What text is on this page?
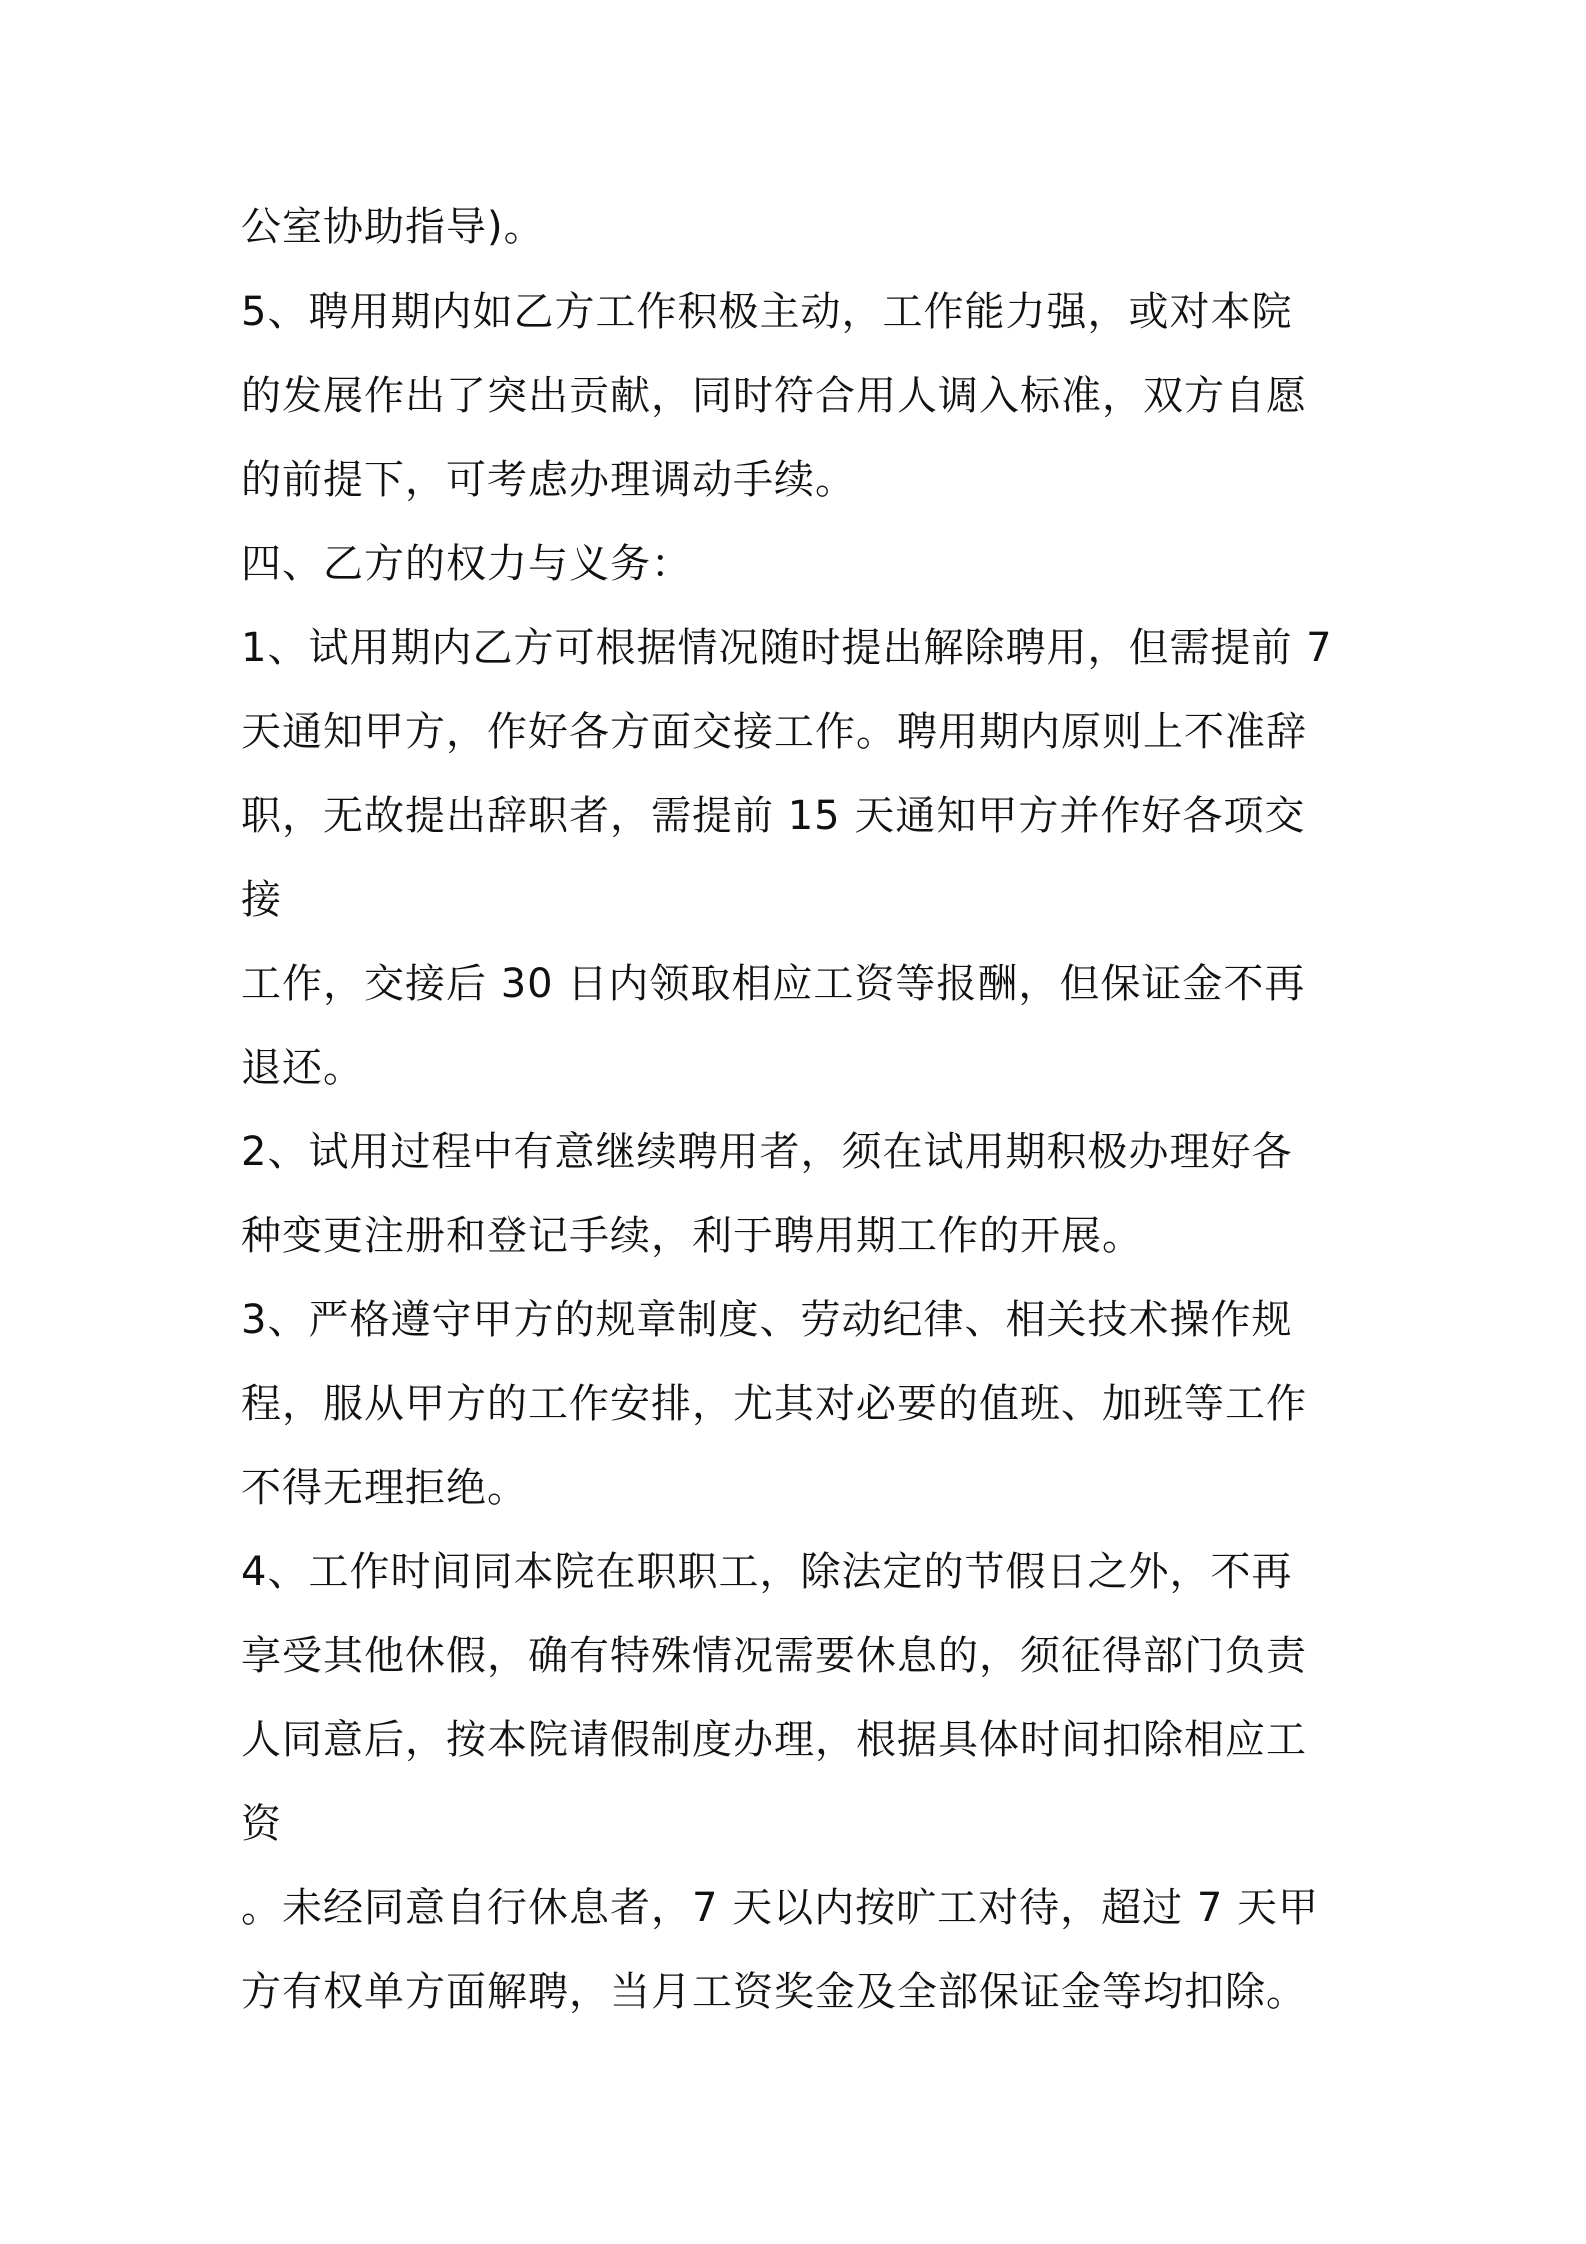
公室协助指导)。
5、聘用期内如乙方工作积极主动，工作能力强，或对本院
的发展作出了突出贡献，同时符合用人调入标准，双方自愿
的前提下，可考虑办理调动手续。
四、乙方的权力与义务：
1、试用期内乙方可根据情况随时提出解除聘用，但需提前 7
天通知甲方，作好各方面交接工作。聘用期内原则上不准辞
职，无故提出辞职者，需提前 15 天通知甲方并作好各项交
接
工作，交接后 30 日内领取相应工资等报酬，但保证金不再
退还。
2、试用过程中有意继续聘用者，须在试用期积极办理好各
种变更注册和登记手续，利于聘用期工作的开展。
3、严格遵守甲方的规章制度、劳动纪律、相关技术操作规
程，服从甲方的工作安排，尤其对必要的值班、加班等工作
不得无理拒绝。
4、工作时间同本院在职职工，除法定的节假日之外，不再
享受其他休假，确有特殊情况需要休息的，须征得部门负责
人同意后，按本院请假制度办理，根据具体时间扣除相应工
资
。未经同意自行休息者，7 天以内按旷工对待，超过 7 天甲
方有权单方面解聘，当月工资奖金及全部保证金等均扣除。
